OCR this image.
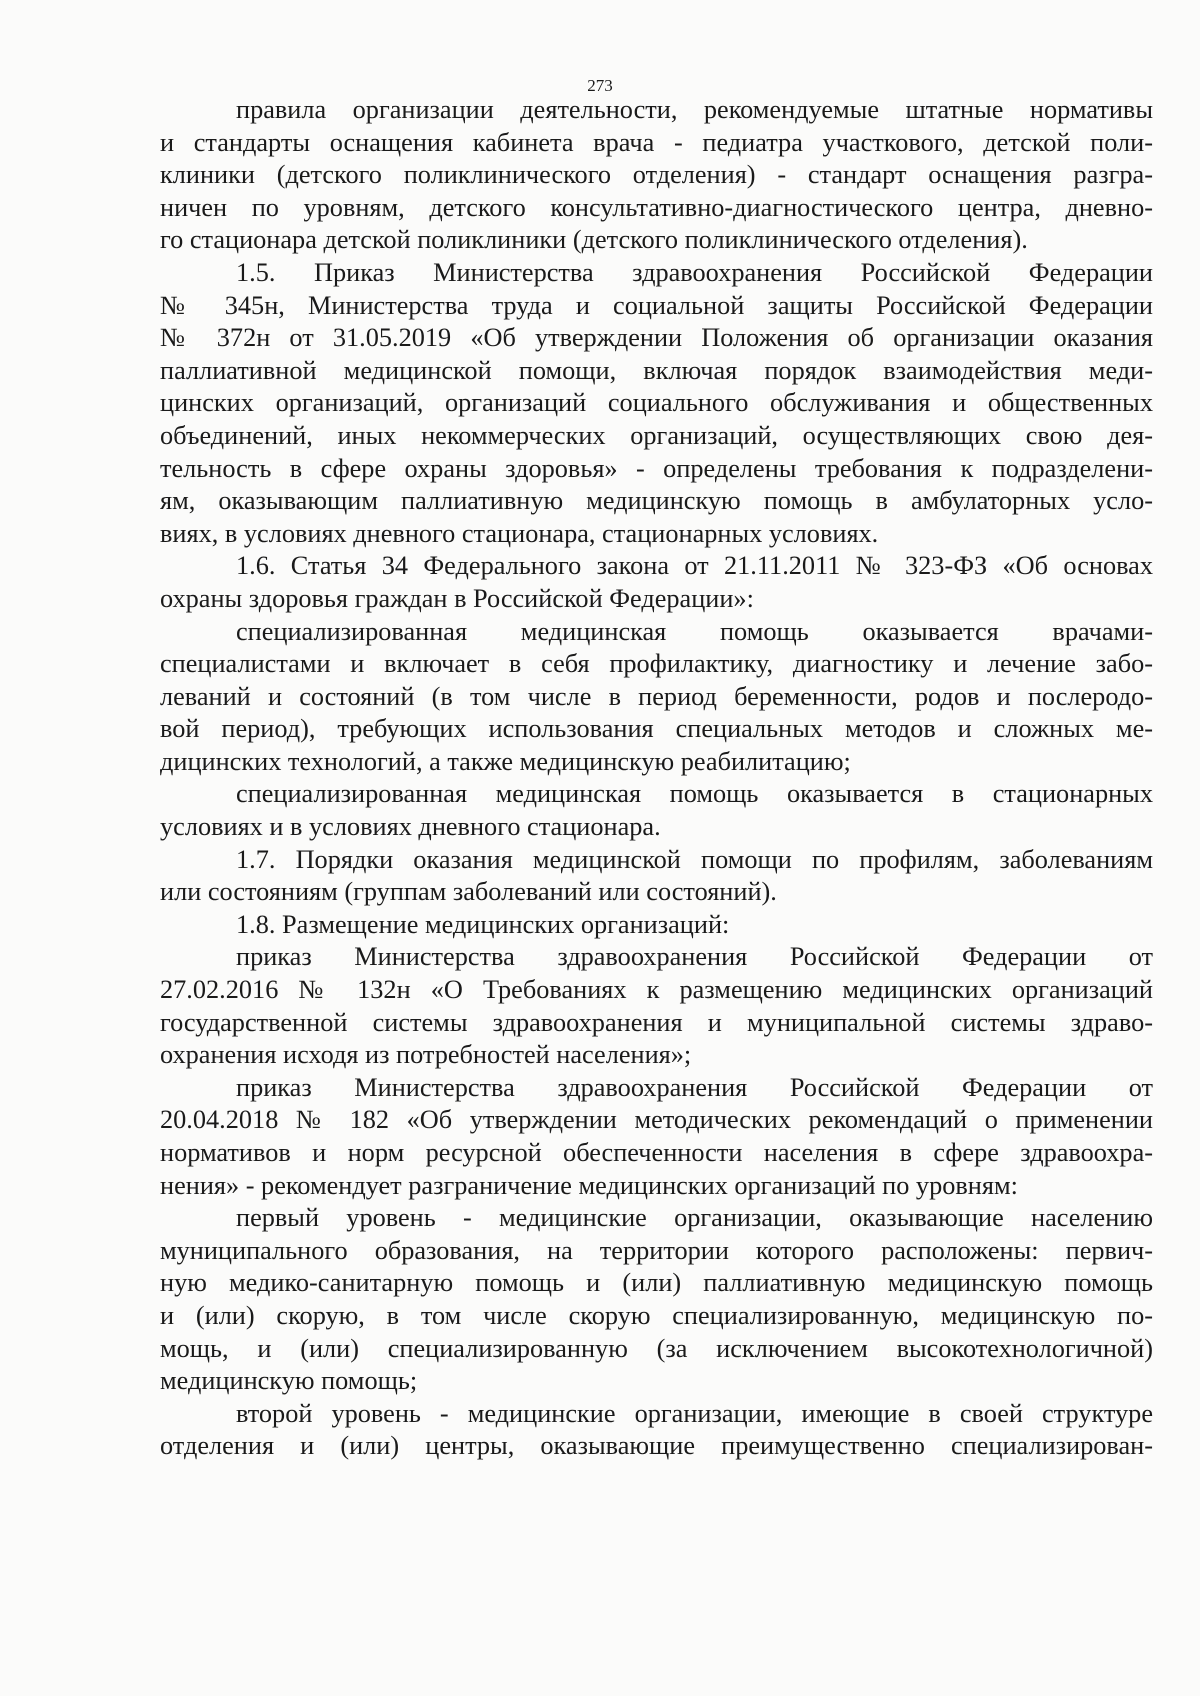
273
правила организации деятельности, рекомендуемые штатные нормативы
и стандарты оснащения кабинета врача - педиатра участкового, детской поли-
клиники (детского поликлинического отделения) - стандарт оснащения разгра-
ничен по уровням, детского консультативно-диагностического центра, дневно-
го стационара детской поликлиники (детского поликлинического отделения).
1.5. Приказ Министерства здравоохранения Российской Федерации
№ 345н, Министерства труда и социальной защиты Российской Федерации
№ 372н от 31.05.2019 «Об утверждении Положения об организации оказания
паллиативной медицинской помощи, включая порядок взаимодействия меди-
цинских организаций, организаций социального обслуживания и общественных
объединений, иных некоммерческих организаций, осуществляющих свою дея-
тельность в сфере охраны здоровья» - определены требования к подразделени-
ям, оказывающим паллиативную медицинскую помощь в амбулаторных усло-
виях, в условиях дневного стационара, стационарных условиях.
1.6. Статья 34 Федерального закона от 21.11.2011 № 323-ФЗ «Об основах
охраны здоровья граждан в Российской Федерации»:
специализированная медицинская помощь оказывается врачами-
специалистами и включает в себя профилактику, диагностику и лечение забо-
леваний и состояний (в том числе в период беременности, родов и послеродо-
вой период), требующих использования специальных методов и сложных ме-
дицинских технологий, а также медицинскую реабилитацию;
специализированная медицинская помощь оказывается в стационарных
условиях и в условиях дневного стационара.
1.7. Порядки оказания медицинской помощи по профилям, заболеваниям
или состояниям (группам заболеваний или состояний).
1.8. Размещение медицинских организаций:
приказ Министерства здравоохранения Российской Федерации от
27.02.2016 № 132н «О Требованиях к размещению медицинских организаций
государственной системы здравоохранения и муниципальной системы здраво-
охранения исходя из потребностей населения»;
приказ Министерства здравоохранения Российской Федерации от
20.04.2018 № 182 «Об утверждении методических рекомендаций о применении
нормативов и норм ресурсной обеспеченности населения в сфере здравоохра-
нения» - рекомендует разграничение медицинских организаций по уровням:
первый уровень - медицинские организации, оказывающие населению
муниципального образования, на территории которого расположены: первич-
ную медико-санитарную помощь и (или) паллиативную медицинскую помощь
и (или) скорую, в том числе скорую специализированную, медицинскую по-
мощь, и (или) специализированную (за исключением высокотехнологичной)
медицинскую помощь;
второй уровень - медицинские организации, имеющие в своей структуре
отделения и (или) центры, оказывающие преимущественно специализирован-
